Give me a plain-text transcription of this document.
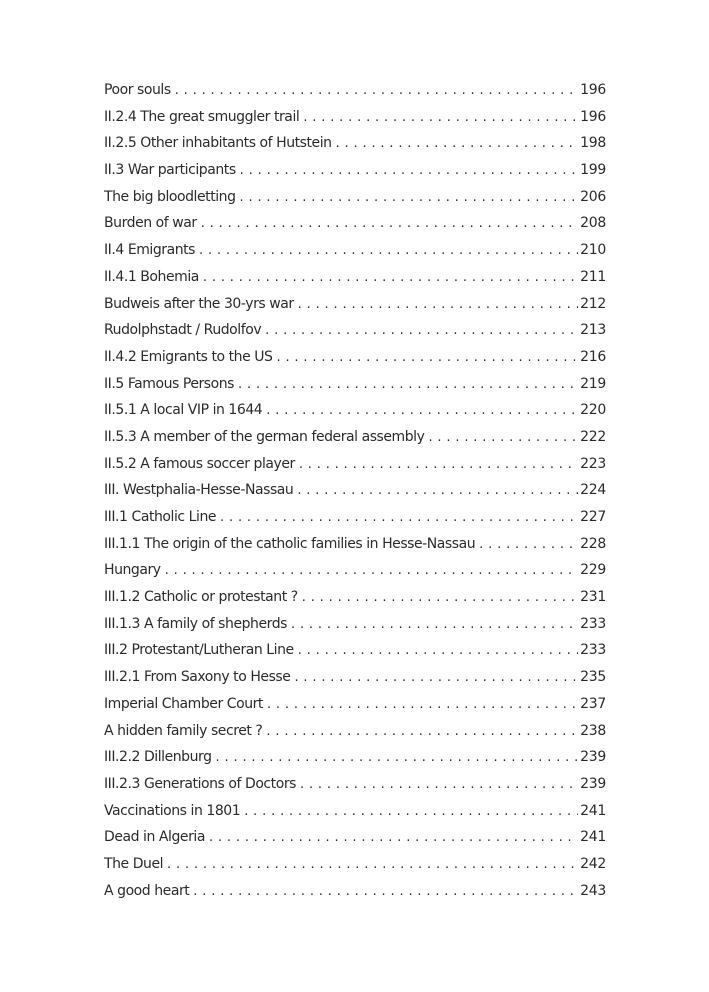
Poor souls . . .	196
II.2.4 The great smuggler trail . . .	196
II.2.5 Other inhabitants of Hutstein . . .	198
II.3 War participants . . .	199
The big bloodletting . . .	206
Burden of war . . .	208
II.4 Emigrants . . .	210
II.4.1 Bohemia . . .	211
Budweis after the 30-yrs war . . .	212
Rudolphstadt / Rudolfov . . .	213
II.4.2 Emigrants to the US . . .	216
II.5 Famous Persons . . .	219
II.5.1 A local VIP in 1644 . . .	220
II.5.3 A member of the german federal assembly . . .	222
II.5.2 A famous soccer player . . .	223
III. Westphalia-Hesse-Nassau . . .	224
III.1 Catholic Line . . .	227
III.1.1 The origin of the catholic families in Hesse-Nassau . . .	228
Hungary . . .	229
III.1.2 Catholic or protestant ? . . .	231
III.1.3 A family of shepherds . . .	233
III.2 Protestant/Lutheran Line . . .	233
III.2.1 From Saxony to Hesse . . .	235
Imperial Chamber Court . . .	237
A hidden family secret ? . . .	238
III.2.2 Dillenburg . . .	239
III.2.3 Generations of Doctors . . .	239
Vaccinations in 1801 . . .	241
Dead in Algeria . . .	241
The Duel . . .	242
A good heart . . .	243
